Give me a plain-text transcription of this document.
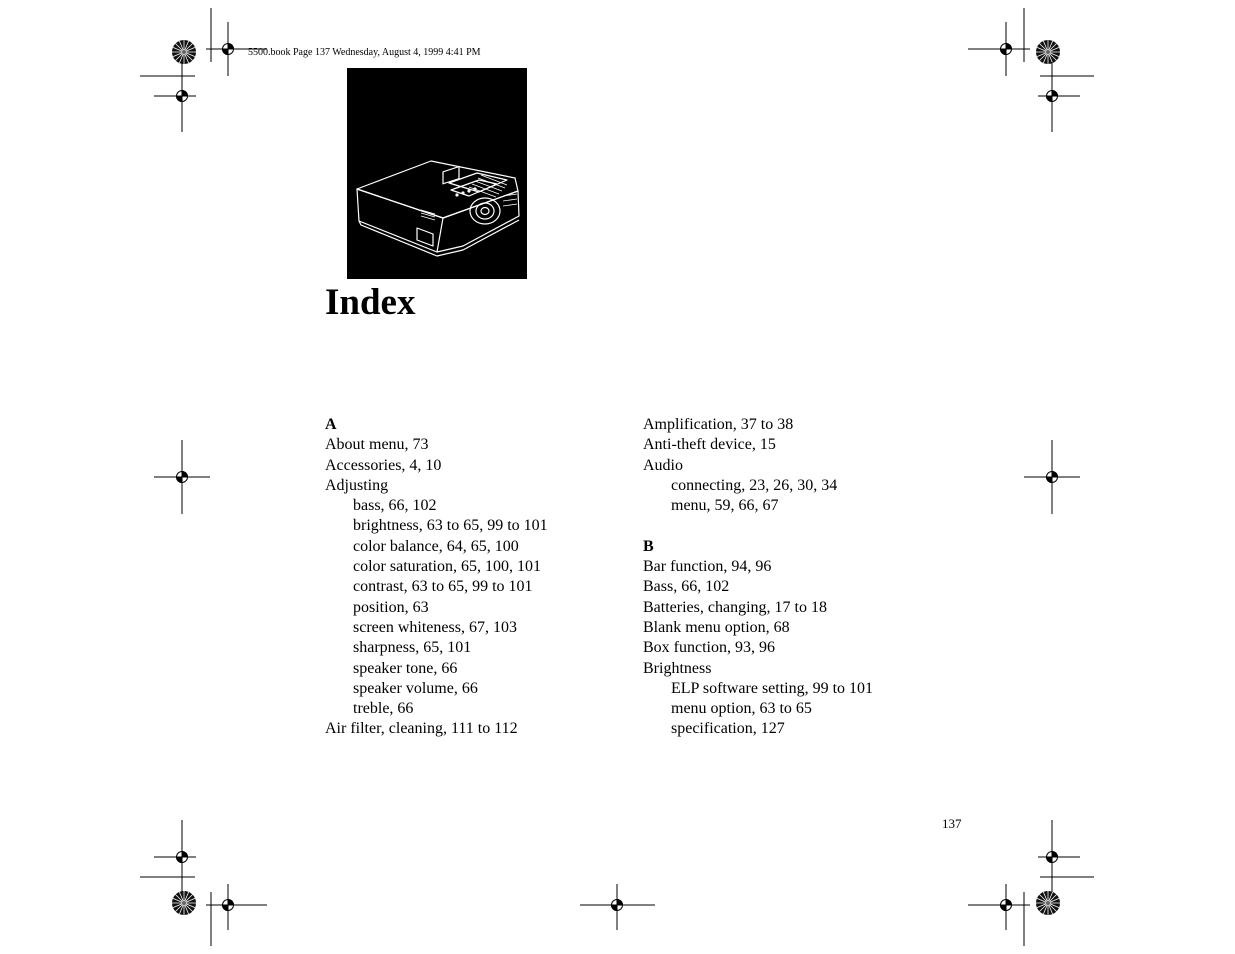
5500.book Page 137 Wednesday, August 4, 1999 4:41 PM
Index
A
About menu, 73
Accessories, 4, 10
Adjusting
bass, 66, 102
brightness, 63 to 65, 99 to 101
color balance, 64, 65, 100
color saturation, 65, 100, 101
contrast, 63 to 65, 99 to 101
position, 63
screen whiteness, 67, 103
sharpness, 65, 101
speaker tone, 66
speaker volume, 66
treble, 66
Air filter, cleaning, 111 to 112
Amplification, 37 to 38
Anti-theft device, 15
Audio
connecting, 23, 26, 30, 34
menu, 59, 66, 67
B
Bar function, 94, 96
Bass, 66, 102
Batteries, changing, 17 to 18
Blank menu option, 68
Box function, 93, 96
Brightness
ELP software setting, 99 to 101
menu option, 63 to 65
specification, 127
137
